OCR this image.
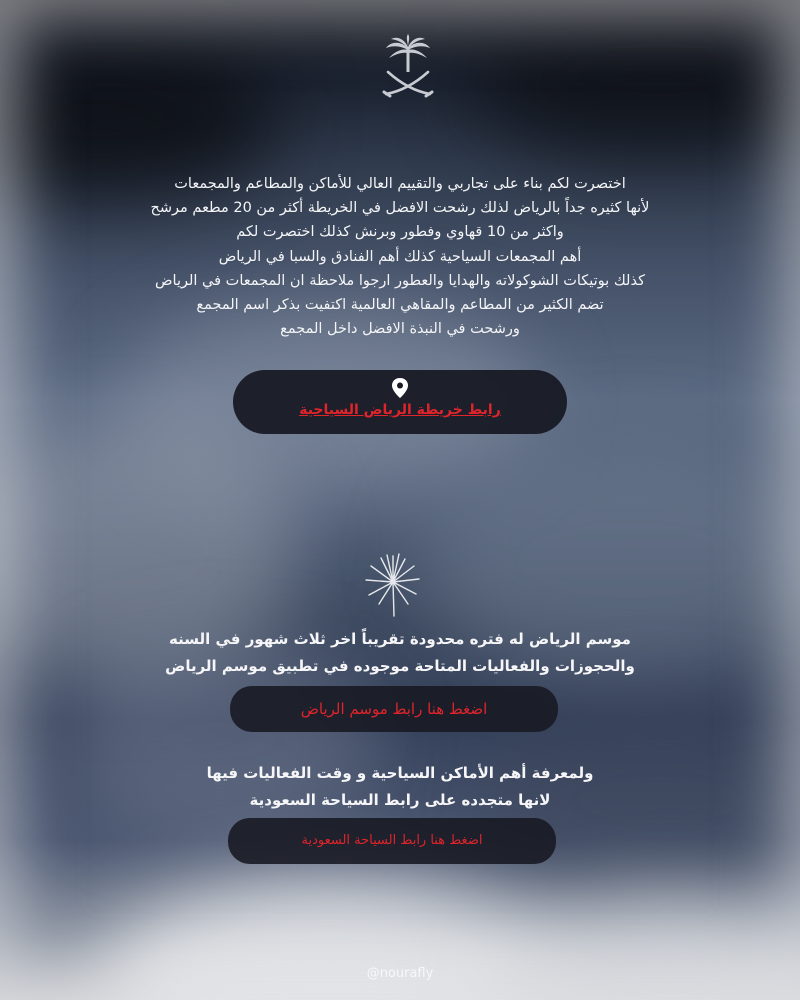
اختصرت لكم بناء على تجاربي والتقييم العالي للأماكن والمطاعم والمجمعات
لأنها كثيره جداً بالرياض لذلك رشحت الافضل في الخريطة أكثر من 20 مطعم مرشح
واكثر من 10 قهاوي وفطور وبرنش كذلك اختصرت لكم
أهم المجمعات السياحية كذلك أهم الفنادق والسبا في الرياض
كذلك بوتيكات الشوكولاته والهدايا والعطور ارجوا ملاحظة ان المجمعات في الرياض
تضم الكثير من المطاعم والمقاهي العالمية اكتفيت بذكر اسم المجمع
ورشحت في النبذة الافضل داخل المجمع

رابط خريطة الرياض السياحية

موسم الرياض له فتره محدودة تقريباً اخر ثلاث شهور في السنه
والحجوزات والفعاليات المتاحة موجوده في تطبيق موسم الرياض

اضغط هنا رابط موسم الرياض

ولمعرفة أهم الأماكن السياحية و وقت الفعاليات فيها
لانها متجدده على رابط السياحة السعودية

اضغط هنا رابط السياحة السعودية
@nourafly
